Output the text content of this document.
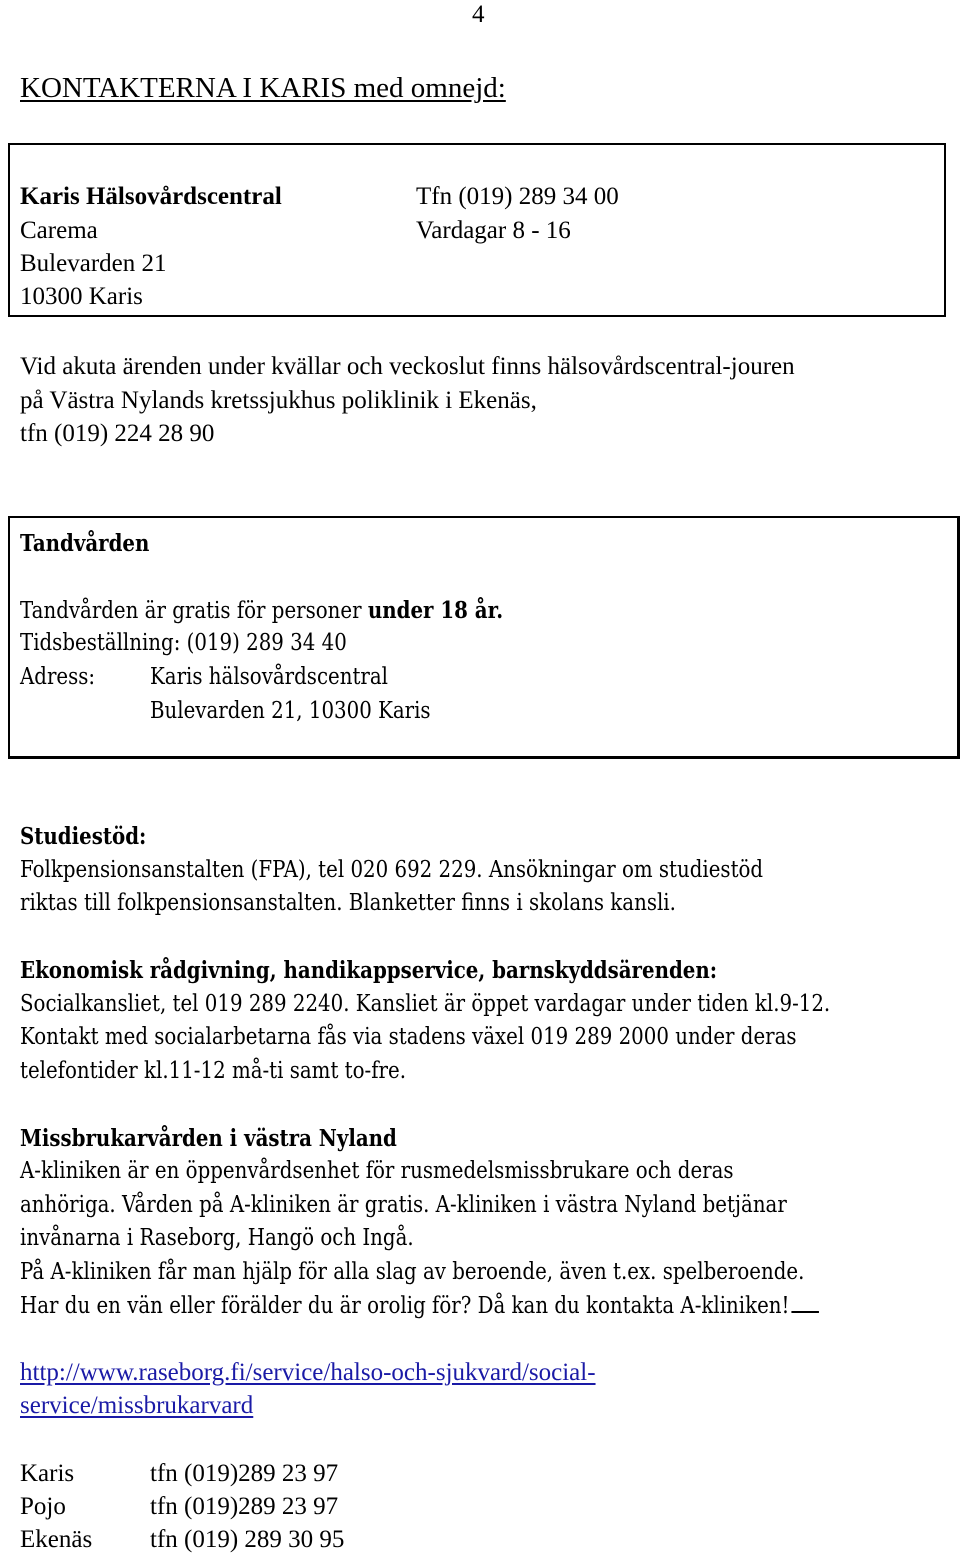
4
KONTAKTERNA I KARIS med omnejd:
Karis Hälsovårdscentral	Tfn (019) 289 34 00
Carema	Vardagar 8 - 16
Bulevarden 21
10300 Karis
Vid akuta ärenden under kvällar och veckoslut finns hälsovårdscentral-jouren
på Västra Nylands kretssjukhus poliklinik i Ekenäs,
tfn (019) 224 28 90
Tandvården
Tandvården är gratis för personer under 18 år.
Tidsbeställning: (019) 289 34 40
Adress: Karis hälsovårdscentral
Bulevarden 21, 10300 Karis
Studiestöd:
Folkpensionsanstalten (FPA), tel 020 692 229. Ansökningar om studiestöd
riktas till folkpensionsanstalten. Blanketter finns i skolans kansli.
Ekonomisk rådgivning, handikappservice, barnskyddsärenden:
Socialkansliet, tel 019 289 2240. Kansliet är öppet vardagar under tiden kl.9-12.
Kontakt med socialarbetarna fås via stadens växel 019 289 2000 under deras
telefontider kl.11-12 må-ti samt to-fre.
Missbrukarvården i västra Nyland
A-kliniken är en öppenvårdsenhet för rusmedelsmissbrukare och deras
anhöriga. Vården på A-kliniken är gratis. A-kliniken i västra Nyland betjänar
invånarna i Raseborg, Hangö och Ingå.
På A-kliniken får man hjälp för alla slag av beroende, även t.ex. spelberoende.
Har du en vän eller förälder du är orolig för? Då kan du kontakta A-kliniken!
http://www.raseborg.fi/service/halso-och-sjukvard/social-
service/missbrukarvard
Karis	tfn (019)289 23 97
Pojo	tfn (019)289 23 97
Ekenäs tfn (019) 289 30 95
